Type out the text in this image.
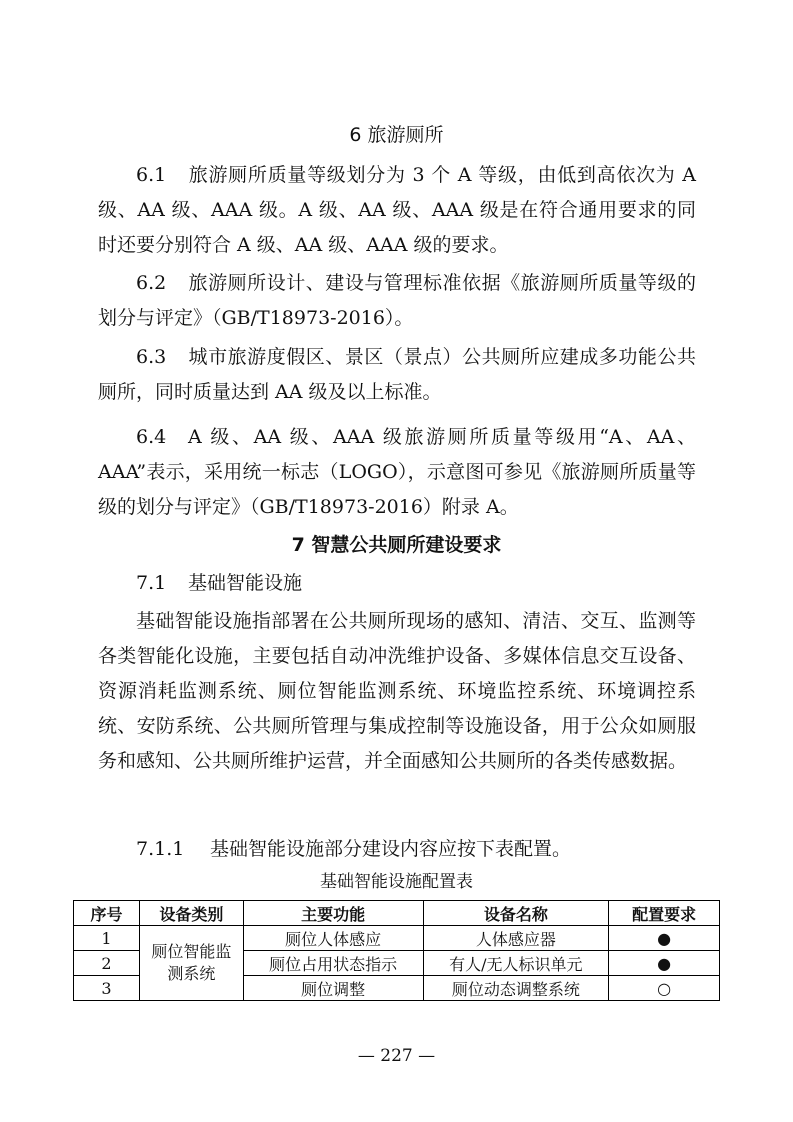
6 旅游厕所
6.1 旅游厕所质量等级划分为 3 个 A 等级，由低到高依次为 A 级、AA 级、AAA 级。A 级、AA 级、AAA 级是在符合通用要求的同时还要分别符合 A 级、AA 级、AAA 级的要求。
6.2 旅游厕所设计、建设与管理标准依据《旅游厕所质量等级的划分与评定》（GB/T18973-2016）。
6.3 城市旅游度假区、景区（景点）公共厕所应建成多功能公共厕所，同时质量达到 AA 级及以上标准。
6.4 A 级、AA 级、AAA 级旅游厕所质量等级用“A、AA、AAA”表示，采用统一标志（LOGO），示意图可参见《旅游厕所质量等级的划分与评定》（GB/T18973-2016）附录 A。
7 智慧公共厕所建设要求
7.1 基础智能设施
基础智能设施指部署在公共厕所现场的感知、清洁、交互、监测等各类智能化设施，主要包括自动冲洗维护设备、多媒体信息交互设备、资源消耗监测系统、厕位智能监测系统、环境监控系统、环境调控系统、安防系统、公共厕所管理与集成控制等设施设备，用于公众如厕服务和感知、公共厕所维护运营，并全面感知公共厕所的各类传感数据。
7.1.1 基础智能设施部分建设内容应按下表配置。
基础智能设施配置表
序号	设备类别	主要功能	设备名称	配置要求
1	厕位智能监测系统	厕位人体感应	人体感应器	●
2		厕位占用状态指示	有人/无人标识单元	●
3		厕位调整	厕位动态调整系统	○
— 227 —
